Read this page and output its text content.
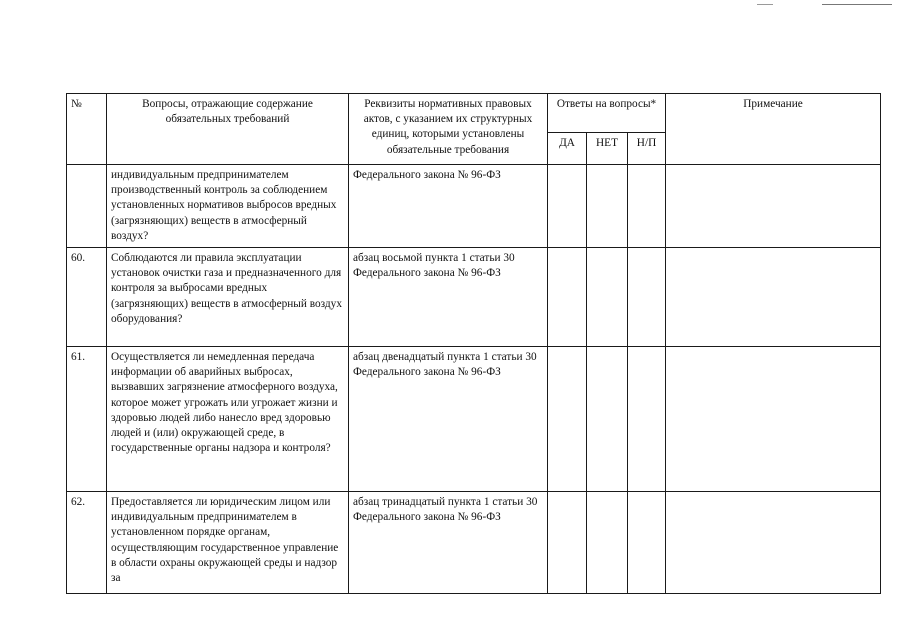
№	Вопросы, отражающие содержание обязательных требований	Реквизиты нормативных правовых актов, с указанием их структурных единиц, которыми установлены обязательные требования	Ответы на вопросы*			Примечание
			ДА	НЕТ	Н/П	
	индивидуальным предпринимателем производственный контроль за соблюдением установленных нормативов выбросов вредных (загрязняющих) веществ в атмосферный воздух?	Федерального закона № 96-ФЗ				
60.	Соблюдаются ли правила эксплуатации установок очистки газа и предназначенного для контроля за выбросами вредных (загрязняющих) веществ в атмосферный воздух оборудования?	абзац восьмой пункта 1 статьи 30 Федерального закона № 96-ФЗ				
61.	Осуществляется ли немедленная передача информации об аварийных выбросах, вызвавших загрязнение атмосферного воздуха, которое может угрожать или угрожает жизни и здоровью людей либо нанесло вред здоровью людей и (или) окружающей среде, в государственные органы надзора и контроля?	абзац двенадцатый пункта 1 статьи 30 Федерального закона № 96-ФЗ				
62.	Предоставляется ли юридическим лицом или индивидуальным предпринимателем в установленном порядке органам, осуществляющим государственное управление в области охраны окружающей среды и надзор за	абзац тринадцатый пункта 1 статьи 30 Федерального закона № 96-ФЗ				
